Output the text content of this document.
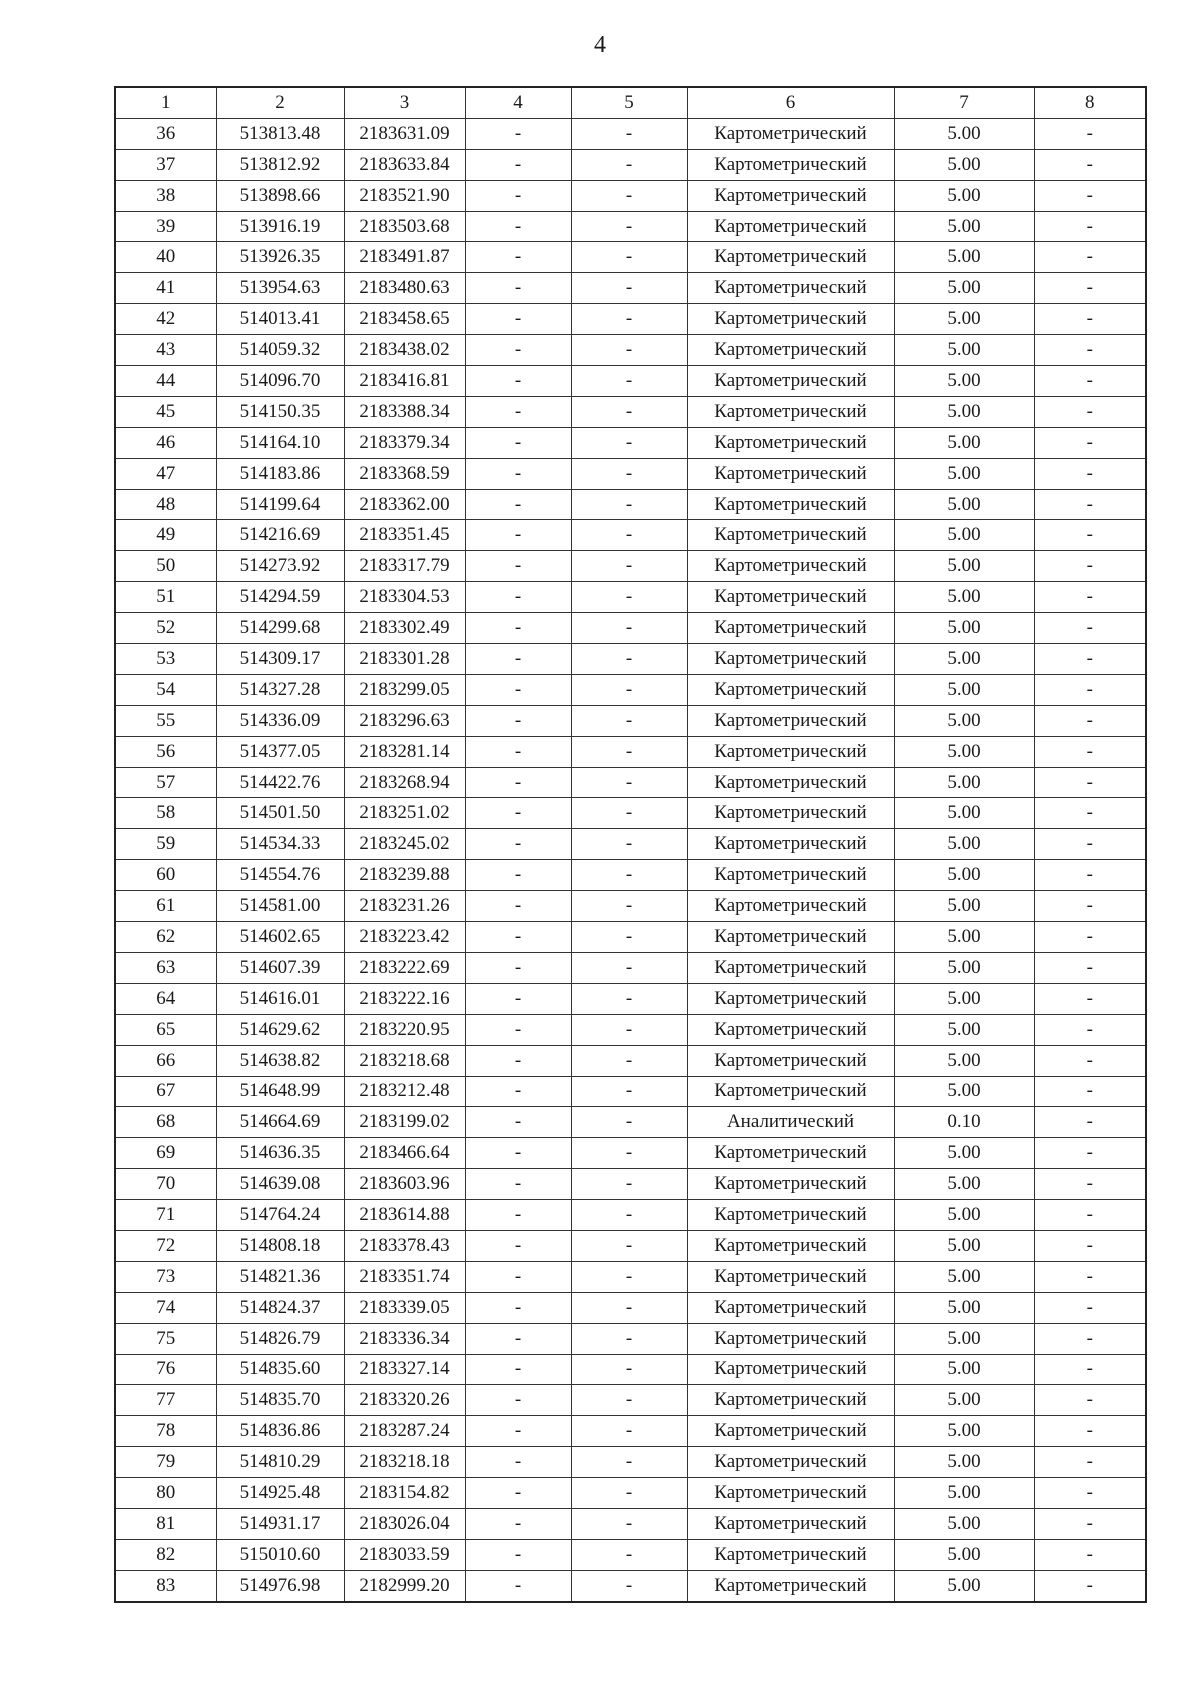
4
1	2	3	4	5	6	7	8
36	513813.48	2183631.09	-	-	Картометрический	5.00	-
37	513812.92	2183633.84	-	-	Картометрический	5.00	-
38	513898.66	2183521.90	-	-	Картометрический	5.00	-
39	513916.19	2183503.68	-	-	Картометрический	5.00	-
40	513926.35	2183491.87	-	-	Картометрический	5.00	-
41	513954.63	2183480.63	-	-	Картометрический	5.00	-
42	514013.41	2183458.65	-	-	Картометрический	5.00	-
43	514059.32	2183438.02	-	-	Картометрический	5.00	-
44	514096.70	2183416.81	-	-	Картометрический	5.00	-
45	514150.35	2183388.34	-	-	Картометрический	5.00	-
46	514164.10	2183379.34	-	-	Картометрический	5.00	-
47	514183.86	2183368.59	-	-	Картометрический	5.00	-
48	514199.64	2183362.00	-	-	Картометрический	5.00	-
49	514216.69	2183351.45	-	-	Картометрический	5.00	-
50	514273.92	2183317.79	-	-	Картометрический	5.00	-
51	514294.59	2183304.53	-	-	Картометрический	5.00	-
52	514299.68	2183302.49	-	-	Картометрический	5.00	-
53	514309.17	2183301.28	-	-	Картометрический	5.00	-
54	514327.28	2183299.05	-	-	Картометрический	5.00	-
55	514336.09	2183296.63	-	-	Картометрический	5.00	-
56	514377.05	2183281.14	-	-	Картометрический	5.00	-
57	514422.76	2183268.94	-	-	Картометрический	5.00	-
58	514501.50	2183251.02	-	-	Картометрический	5.00	-
59	514534.33	2183245.02	-	-	Картометрический	5.00	-
60	514554.76	2183239.88	-	-	Картометрический	5.00	-
61	514581.00	2183231.26	-	-	Картометрический	5.00	-
62	514602.65	2183223.42	-	-	Картометрический	5.00	-
63	514607.39	2183222.69	-	-	Картометрический	5.00	-
64	514616.01	2183222.16	-	-	Картометрический	5.00	-
65	514629.62	2183220.95	-	-	Картометрический	5.00	-
66	514638.82	2183218.68	-	-	Картометрический	5.00	-
67	514648.99	2183212.48	-	-	Картометрический	5.00	-
68	514664.69	2183199.02	-	-	Аналитический	0.10	-
69	514636.35	2183466.64	-	-	Картометрический	5.00	-
70	514639.08	2183603.96	-	-	Картометрический	5.00	-
71	514764.24	2183614.88	-	-	Картометрический	5.00	-
72	514808.18	2183378.43	-	-	Картометрический	5.00	-
73	514821.36	2183351.74	-	-	Картометрический	5.00	-
74	514824.37	2183339.05	-	-	Картометрический	5.00	-
75	514826.79	2183336.34	-	-	Картометрический	5.00	-
76	514835.60	2183327.14	-	-	Картометрический	5.00	-
77	514835.70	2183320.26	-	-	Картометрический	5.00	-
78	514836.86	2183287.24	-	-	Картометрический	5.00	-
79	514810.29	2183218.18	-	-	Картометрический	5.00	-
80	514925.48	2183154.82	-	-	Картометрический	5.00	-
81	514931.17	2183026.04	-	-	Картометрический	5.00	-
82	515010.60	2183033.59	-	-	Картометрический	5.00	-
83	514976.98	2182999.20	-	-	Картометрический	5.00	-
